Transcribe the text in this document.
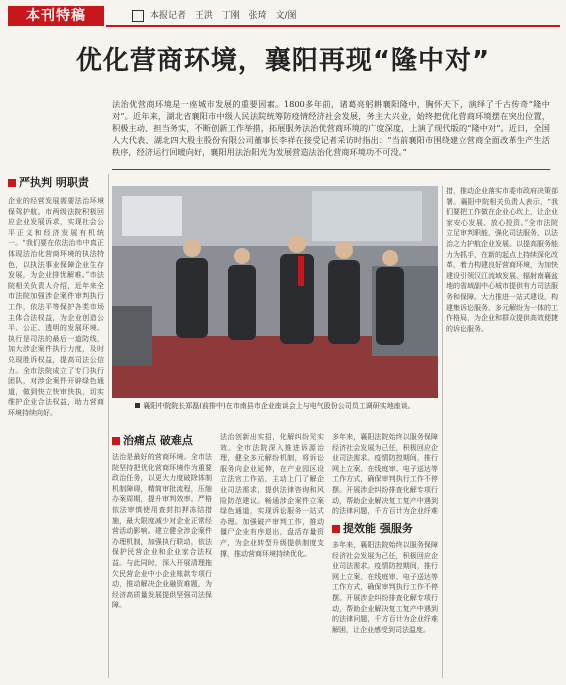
本刊特稿	本报记者 王洪 丁刚 张琦 文/图
优化营商环境，襄阳再现“隆中对”
法治优营商环境是一座城市发展的重要因素。1800多年前，诸葛亮躬耕襄阳隆中，胸怀天下，演绎了千古传奇“隆中对”。近年来，湖北省襄阳市中级人民法院统筹防疫情经济社会发展，务主大兴业，始终把优化营商环境摆在突出位置，积极主动、担当务实，不断创新工作举措，拓展服务法治优营商环境的广度深度，上演了现代版的“隆中对”。近日，全国人大代表、湖北四大股主股份有限公司董事长李祥在接受记者采访时指出：“当前襄阳市围绕建立营商全面改革生产生活秩序，经济运行回暖向好，襄阳用法治阳光为发展营造法治化营商环境功不可没。”
严执判 明职责
企业的经营发展需要法治环境保驾护航。市两级法院积极回应企业发展诉求，实现社会公平正义和经济发展有机统一。“我们要在依法治市中真正体现法治化营商环境的执法特色，以执法事业保障企业生存发展，为企业排忧解难。”市法院相关负责人介绍，近年来全市法院加强涉企案件审判执行工作，依法平等保护各类市场主体合法权益，为企业创造公平、公正、透明的发展环境。执行是司法的最后一道防线，加大涉企案件执行力度，及时兑现胜诉权益，提高司法公信力。全市法院成立了专门执行团队，对涉企案件开辟绿色通道，做到快立快审快执，切实维护企业合法权益，助力营商环境持续向好。
襄阳中院院长郑磊(前排中)在市南县市企业座谈会上与电气股份公司员工调研实地座谈。
治痛点 破难点
法治是最好的营商环境。全市法院坚持把优化营商环境作为重要政治任务，以更大力度破除体制机制障碍，精简审批流程，压缩办案周期，提升审判效率。严格依法审慎使用查封扣押冻结措施，最大限度减少对企业正常经营活动影响。建立健全涉企案件办理机制，加强执行联动，依法保护民营企业和企业家合法权益。与此同时，深入开展清理拖欠民营企业中小企业账款专项行动，推动解决企业融资难题，为经济高质量发展提供坚强司法保障。
法治创新出实招，化解纠纷见实效。全市法院深入推进诉源治理，健全多元解纷机制，将诉讼服务向企业延伸，在产业园区设立法官工作站，主动上门了解企业司法需求，提供法律咨询和风险防范建议。畅通涉企案件立案绿色通道，实现诉讼服务一站式办理。加强破产审判工作，推动僵尸企业有序退出，盘活存量资产，为企业转型升级提供制度支撑，推动营商环境持续优化。
提效能 强服务
多年来，襄阳法院始终以服务保障经济社会发展为己任，积极回应企业司法需求。疫情防控期间，推行网上立案、在线庭审、电子送达等工作方式，确保审判执行工作不停摆。开展涉企纠纷排查化解专项行动，帮助企业解决复工复产中遇到的法律问题，千方百计为企业纾难
多年来，襄阳法院始终以服务保障经济社会发展为己任，积极回应企业司法需求。疫情防控期间，推行网上立案、在线庭审、电子送达等工作方式，确保审判执行工作不停摆。开展涉企纠纷排查化解专项行动，帮助企业解决复工复产中遇到的法律问题，千方百计为企业纾难解困，让企业感受到司法温度。
措，推动企业落实市委市政府决策部署。襄阳中院相关负责人表示，“我们要把工作做在企业心坎上，让企业家安心发展、放心投资。”全市法院立足审判职能，强化司法服务，以法治之力护航企业发展。以提高服务能力为抓手，在新的起点上持续深化改革，着力构建良好营商环境，为加快建设引领汉江流域发展、辐射南襄盆地的省域副中心城市提供有力司法服务和保障。大力推进一站式建设，构建集诉讼服务、多元解纷为一体的工作格局，为企业和群众提供高效便捷的诉讼服务。
